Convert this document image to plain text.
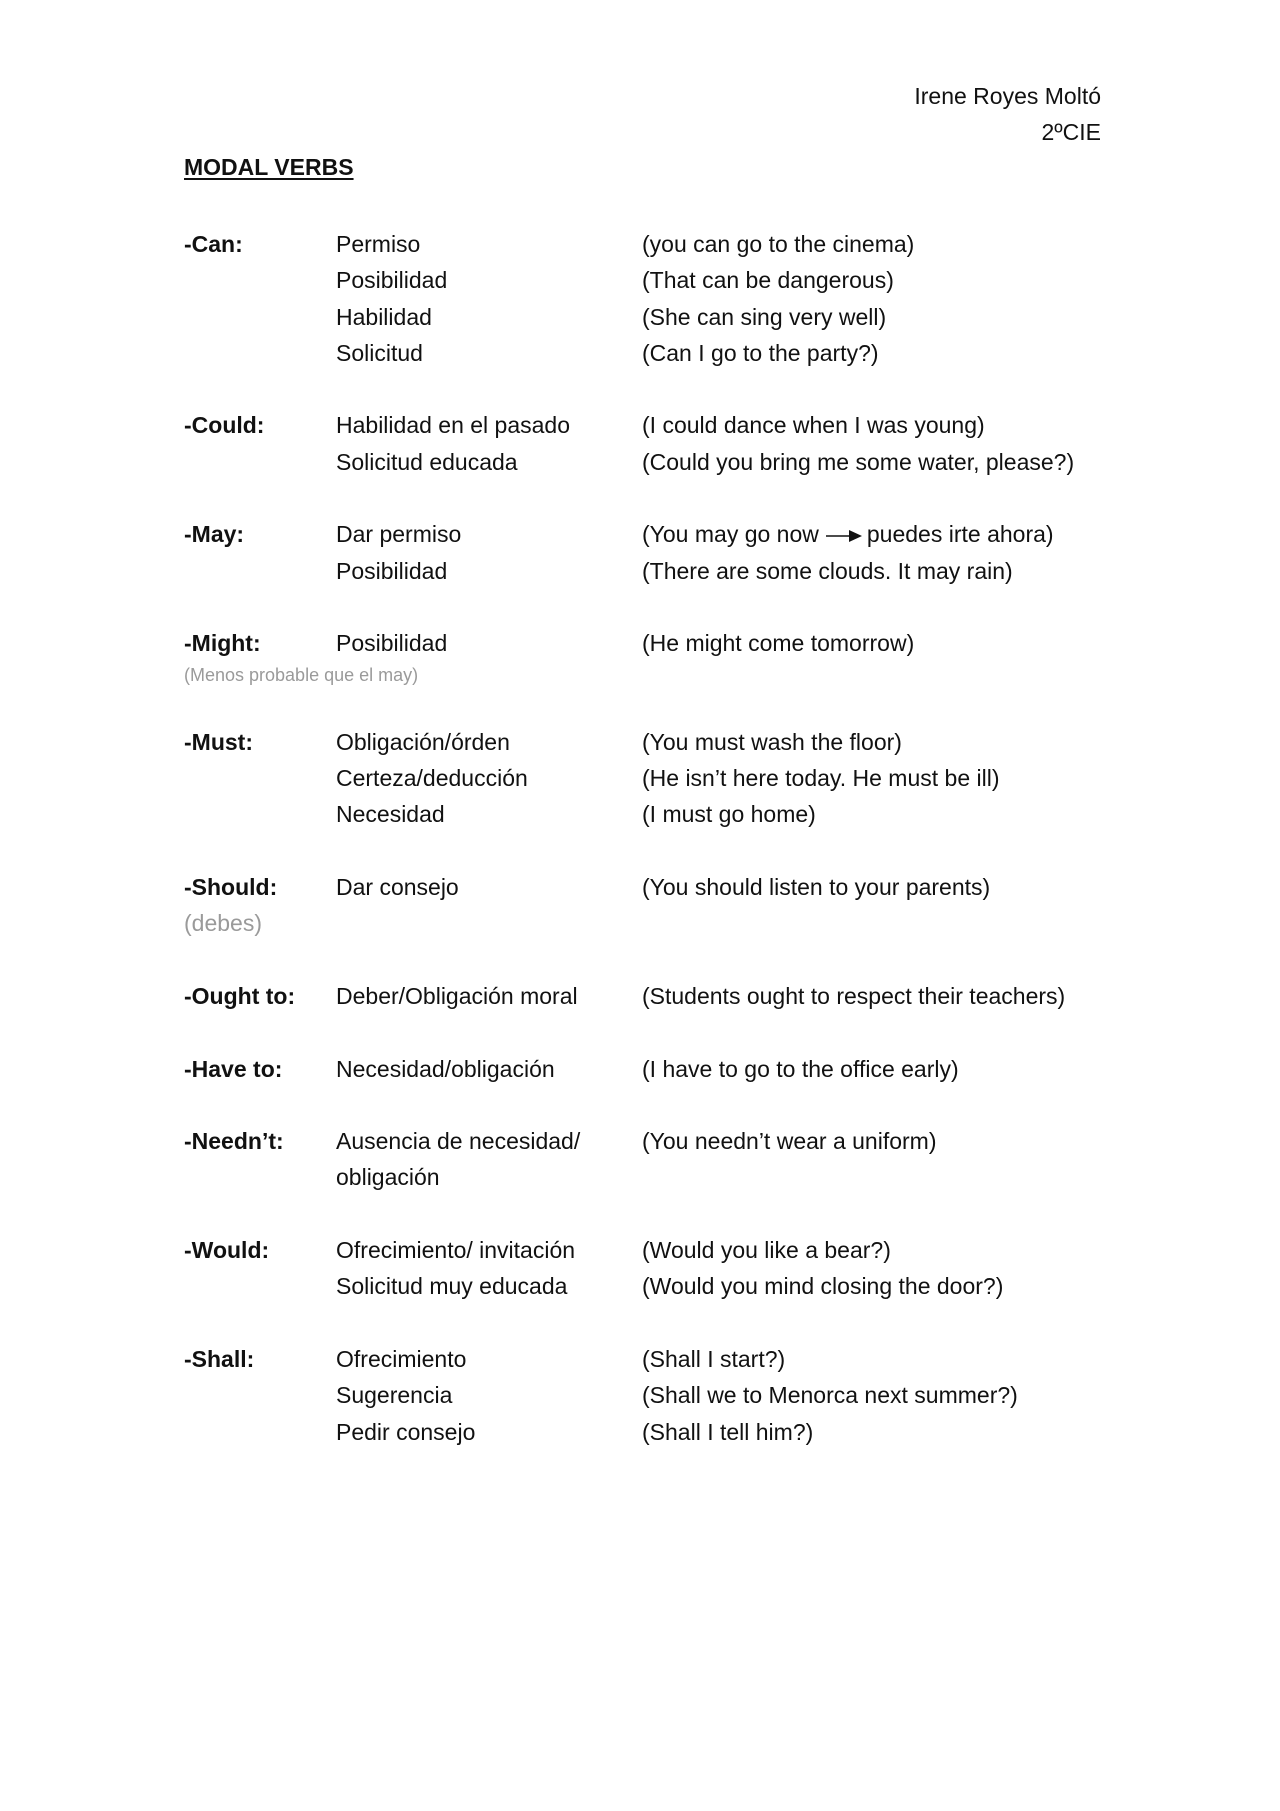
Irene Royes Moltó
2ºCIE
MODAL VERBS
-Can:	Permiso	(you can go to the cinema)
Posibilidad	(That can be dangerous)
Habilidad	(She can sing very well)
Solicitud	(Can I go to the party?)
-Could:	Habilidad en el pasado	(I could dance when I was young)
Solicitud educada	(Could you bring me some water, please?)
-May:	Dar permiso	(You may go now puedes irte ahora)
Posibilidad	(There are some clouds. It may rain)
-Might:	Posibilidad	(He might come tomorrow)
(Menos probable que el may)
-Must:	Obligación/órden	(You must wash the floor)
Certeza/deducción	(He isn’t here today. He must be ill)
Necesidad	(I must go home)
-Should:	Dar consejo	(You should listen to your parents)
(debes)
-Ought to:	Deber/Obligación moral	(Students ought to respect their teachers)
-Have to:	Necesidad/obligación	(I have to go to the office early)
-Needn’t:	Ausencia de necesidad/	(You needn’t wear a uniform)
obligación
-Would:	Ofrecimiento/ invitación	(Would you like a bear?)
Solicitud muy educada	(Would you mind closing the door?)
-Shall:	Ofrecimiento	(Shall I start?)
Sugerencia	(Shall we to Menorca next summer?)
Pedir consejo	(Shall I tell him?)
